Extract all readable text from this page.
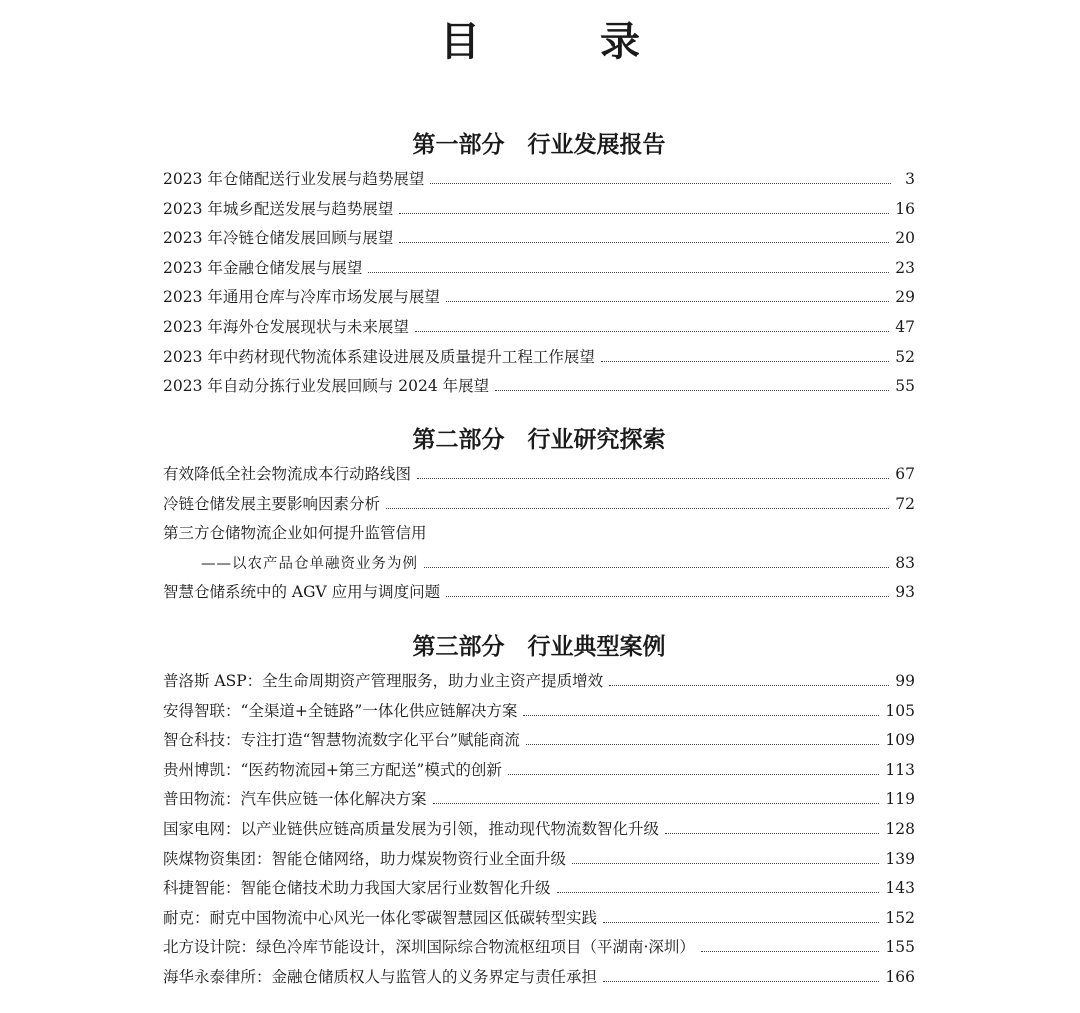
目　录
第一部分　行业发展报告
2023 年仓储配送行业发展与趋势展望	3
2023 年城乡配送发展与趋势展望	16
2023 年冷链仓储发展回顾与展望	20
2023 年金融仓储发展与展望	23
2023 年通用仓库与冷库市场发展与展望	29
2023 年海外仓发展现状与未来展望	47
2023 年中药材现代物流体系建设进展及质量提升工程工作展望	52
2023 年自动分拣行业发展回顾与 2024 年展望	55
第二部分　行业研究探索
有效降低全社会物流成本行动路线图	67
冷链仓储发展主要影响因素分析	72
第三方仓储物流企业如何提升监管信用
——以农产品仓单融资业务为例	83
智慧仓储系统中的 AGV 应用与调度问题	93
第三部分　行业典型案例
普洛斯 ASP：全生命周期资产管理服务，助力业主资产提质增效	99
安得智联：“全渠道+全链路”一体化供应链解决方案	105
智仓科技：专注打造“智慧物流数字化平台”赋能商流	109
贵州博凯：“医药物流园+第三方配送”模式的创新	113
普田物流：汽车供应链一体化解决方案	119
国家电网：以产业链供应链高质量发展为引领，推动现代物流数智化升级	128
陕煤物资集团：智能仓储网络，助力煤炭物资行业全面升级	139
科捷智能：智能仓储技术助力我国大家居行业数智化升级	143
耐克：耐克中国物流中心风光一体化零碳智慧园区低碳转型实践	152
北方设计院：绿色冷库节能设计，深圳国际综合物流枢纽项目（平湖南·深圳）	155
海华永泰律所：金融仓储质权人与监管人的义务界定与责任承担	166
